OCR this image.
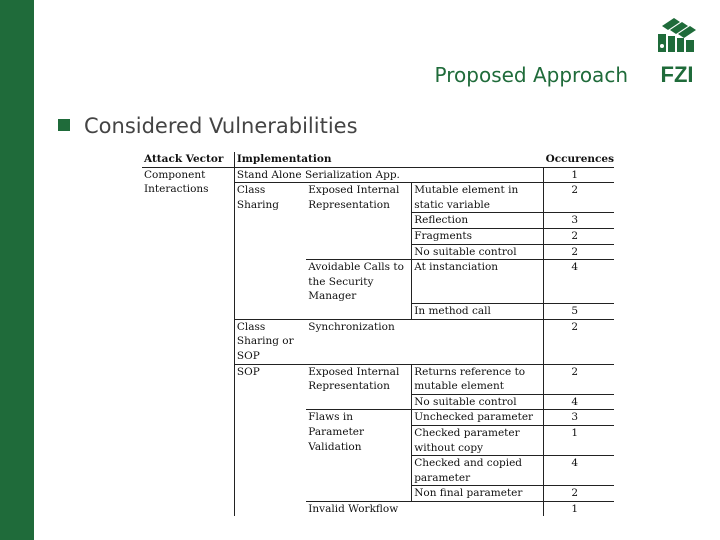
Proposed Approach FZI
Considered Vulnerabilities
Attack Vector	Implementation			Occurences
Component Interactions	Stand Alone Serialization App.			1
	Class Sharing	Exposed Internal Representation	Mutable element in static variable	2
			Reflection	3
			Fragments	2
			No suitable control	2
		Avoidable Calls to the Security Manager	At instanciation	4
			In method call	5
	Class Sharing or SOP	Synchronization		2
	SOP	Exposed Internal Representation	Returns reference to mutable element	2
			No suitable control	4
		Flaws in Parameter Validation	Unchecked parameter	3
			Checked parameter without copy	1
			Checked and copied parameter	4
			Non final parameter	2
		Invalid Workflow		1
